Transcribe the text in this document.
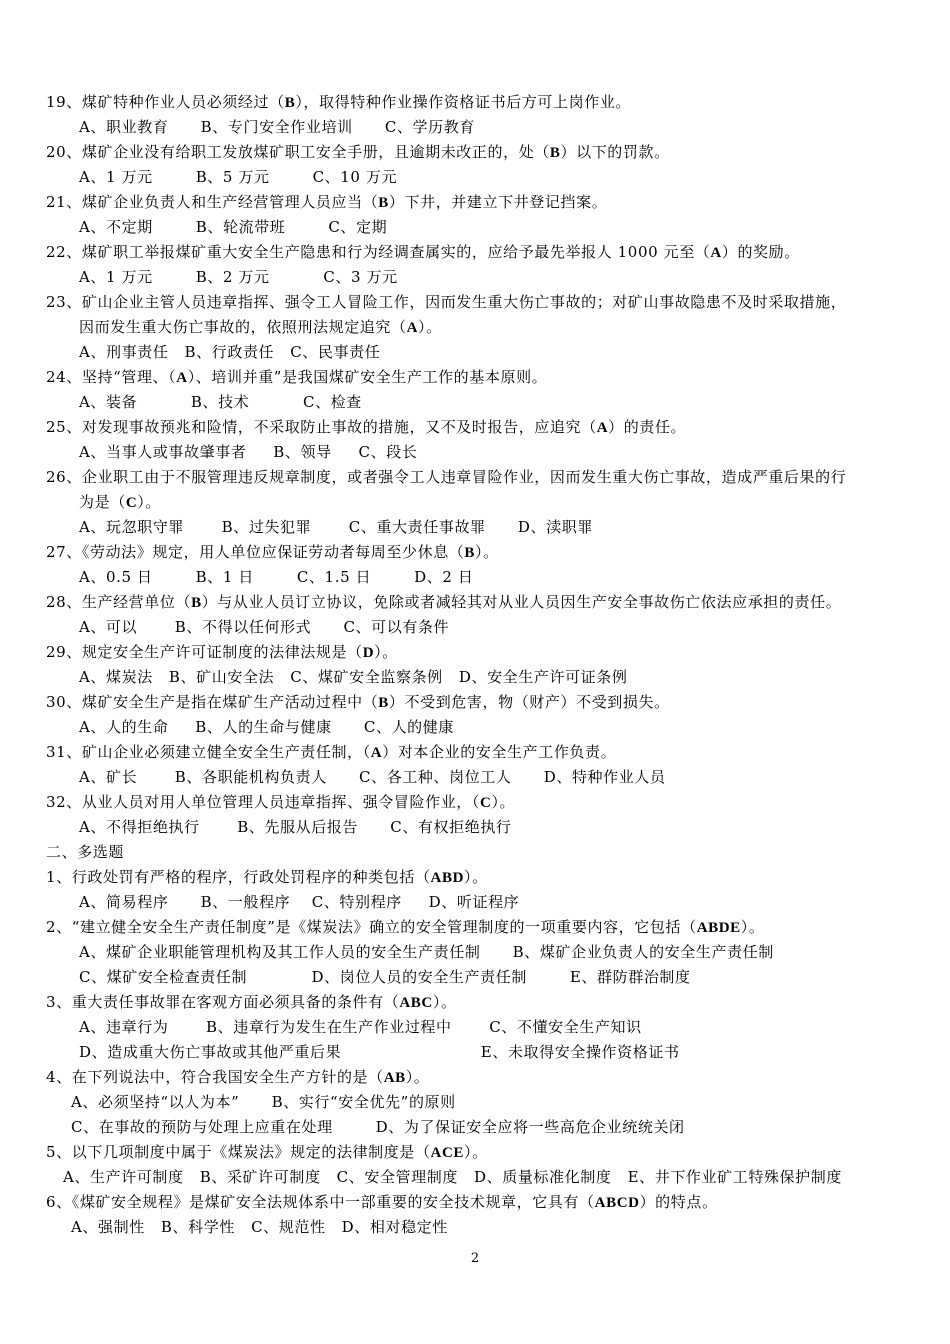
19、煤矿特种作业人员必须经过（B），取得特种作业操作资格证书后方可上岗作业。
A、职业教育      B、专门安全作业培训      C、学历教育
20、煤矿企业没有给职工发放煤矿职工安全手册，且逾期未改正的，处（B）以下的罚款。
A、1 万元        B、5 万元        C、10 万元
21、煤矿企业负责人和生产经营管理人员应当（B）下井，并建立下井登记挡案。
A、不定期        B、轮流带班        C、定期
22、煤矿职工举报煤矿重大安全生产隐患和行为经调查属实的，应给予最先举报人 1000 元至（A）的奖励。
A、1 万元        B、2 万元          C、3 万元
23、矿山企业主管人员违章指挥、强令工人冒险工作，因而发生重大伤亡事故的；对矿山事故隐患不及时采取措施，
因而发生重大伤亡事故的，依照刑法规定追究（A）。
A、刑事责任   B、行政责任   C、民事责任
24、坚持“管理、（A）、培训并重”是我国煤矿安全生产工作的基本原则。
A、装备          B、技术          C、检查
25、对发现事故预兆和险情，不采取防止事故的措施，又不及时报告，应追究（A）的责任。
A、当事人或事故肇事者     B、领导     C、段长
26、企业职工由于不服管理违反规章制度，或者强令工人违章冒险作业，因而发生重大伤亡事故，造成严重后果的行
为是（C）。
A、玩忽职守罪       B、过失犯罪       C、重大责任事故罪      D、渎职罪
27、《劳动法》规定，用人单位应保证劳动者每周至少休息（B）。
A、0.5 日        B、1 日        C、1.5 日        D、2 日
28、生产经营单位（B）与从业人员订立协议，免除或者减轻其对从业人员因生产安全事故伤亡依法应承担的责任。
A、可以       B、不得以任何形式      C、可以有条件
29、规定安全生产许可证制度的法律法规是（D）。
A、煤炭法   B、矿山安全法   C、煤矿安全监察条例   D、安全生产许可证条例
30、煤矿安全生产是指在煤矿生产活动过程中（B）不受到危害，物（财产）不受到损失。
A、人的生命     B、人的生命与健康      C、人的健康
31、矿山企业必须建立健全安全生产责任制，（A）对本企业的安全生产工作负责。
A、矿长       B、各职能机构负责人      C、各工种、岗位工人      D、特种作业人员
32、从业人员对用人单位管理人员违章指挥、强令冒险作业，（C）。
A、不得拒绝执行       B、先服从后报告      C、有权拒绝执行
二、多选题
1、行政处罚有严格的程序，行政处罚程序的种类包括（ABD）。
A、简易程序      B、一般程序    C、特别程序     D、听证程序
2、“建立健全安全生产责任制度”是《煤炭法》确立的安全管理制度的一项重要内容，它包括（ABDE）。
A、煤矿企业职能管理机构及其工作人员的安全生产责任制      B、煤矿企业负责人的安全生产责任制
C、煤矿安全检查责任制            D、岗位人员的安全生产责任制        E、群防群治制度
3、重大责任事故罪在客观方面必须具备的条件有（ABC）。
A、违章行为       B、违章行为发生在生产作业过程中       C、不懂安全生产知识
D、造成重大伤亡事故或其他严重后果                          E、未取得安全操作资格证书
4、在下列说法中，符合我国安全生产方针的是（AB）。
A、必须坚持“以人为本”      B、实行“安全优先”的原则
C、在事故的预防与处理上应重在处理        D、为了保证安全应将一些高危企业统统关闭
5、以下几项制度中属于《煤炭法》规定的法律制度是（ACE）。
A、生产许可制度   B、采矿许可制度   C、安全管理制度   D、质量标准化制度   E、井下作业矿工特殊保护制度
6、《煤矿安全规程》是煤矿安全法规体系中一部重要的安全技术规章，它具有（ABCD）的特点。
A、强制性   B、科学性   C、规范性   D、相对稳定性
2
